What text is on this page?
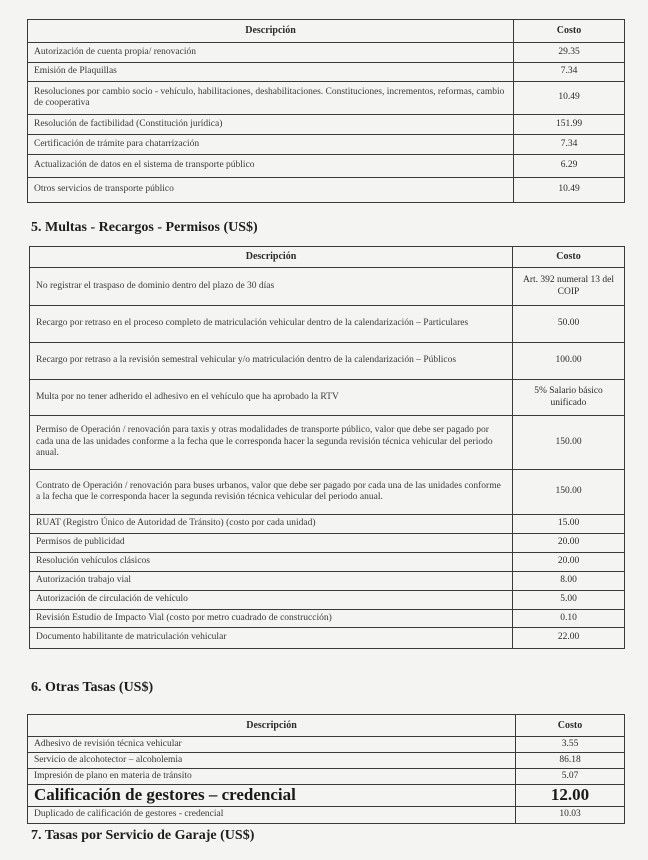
Descripción	Costo
Autorización de cuenta propia/ renovación	29.35
Emisión de Plaquillas	7.34
Resoluciones por cambio socio - vehículo, habilitaciones, deshabilitaciones. Constituciones, incrementos, reformas, cambio de cooperativa	10.49
Resolución de factibilidad (Constitución jurídica)	151.99
Certificación de trámite para chatarrización	7.34
Actualización de datos en el sistema de transporte público	6.29
Otros servicios de transporte público	10.49
5. Multas - Recargos - Permisos (US$)
Descripción	Costo
No registrar el traspaso de dominio dentro del plazo de 30 días	Art. 392 numeral 13 del COIP
Recargo por retraso en el proceso completo de matriculación vehicular dentro de la calendarización – Particulares	50.00
Recargo por retraso a la revisión semestral vehicular y/o matriculación dentro de la calendarización – Públicos	100.00
Multa por no tener adherido el adhesivo en el vehículo que ha aprobado la RTV	5% Salario básico unificado
Permiso de Operación / renovación para taxis y otras modalidades de transporte público, valor que debe ser pagado por cada una de las unidades conforme a la fecha que le corresponda hacer la segunda revisión técnica vehicular del periodo anual.	150.00
Contrato de Operación / renovación para buses urbanos, valor que debe ser pagado por cada una de las unidades conforme a la fecha que le corresponda hacer la segunda revisión técnica vehicular del periodo anual.	150.00
RUAT (Registro Único de Autoridad de Tránsito) (costo por cada unidad)	15.00
Permisos de publicidad	20.00
Resolución vehículos clásicos	20.00
Autorización trabajo vial	8.00
Autorización de circulación de vehículo	5.00
Revisión Estudio de Impacto Vial (costo por metro cuadrado de construcción)	0.10
Documento habilitante de matriculación vehicular	22.00
6. Otras Tasas (US$)
Descripción	Costo
Adhesivo de revisión técnica vehicular	3.55
Servicio de alcohotector – alcoholemia	86.18
Impresión de plano en materia de tránsito	5.07
Calificación de gestores – credencial	12.00
Duplicado de calificación de gestores - credencial	10.03
7. Tasas por Servicio de Garaje (US$)
